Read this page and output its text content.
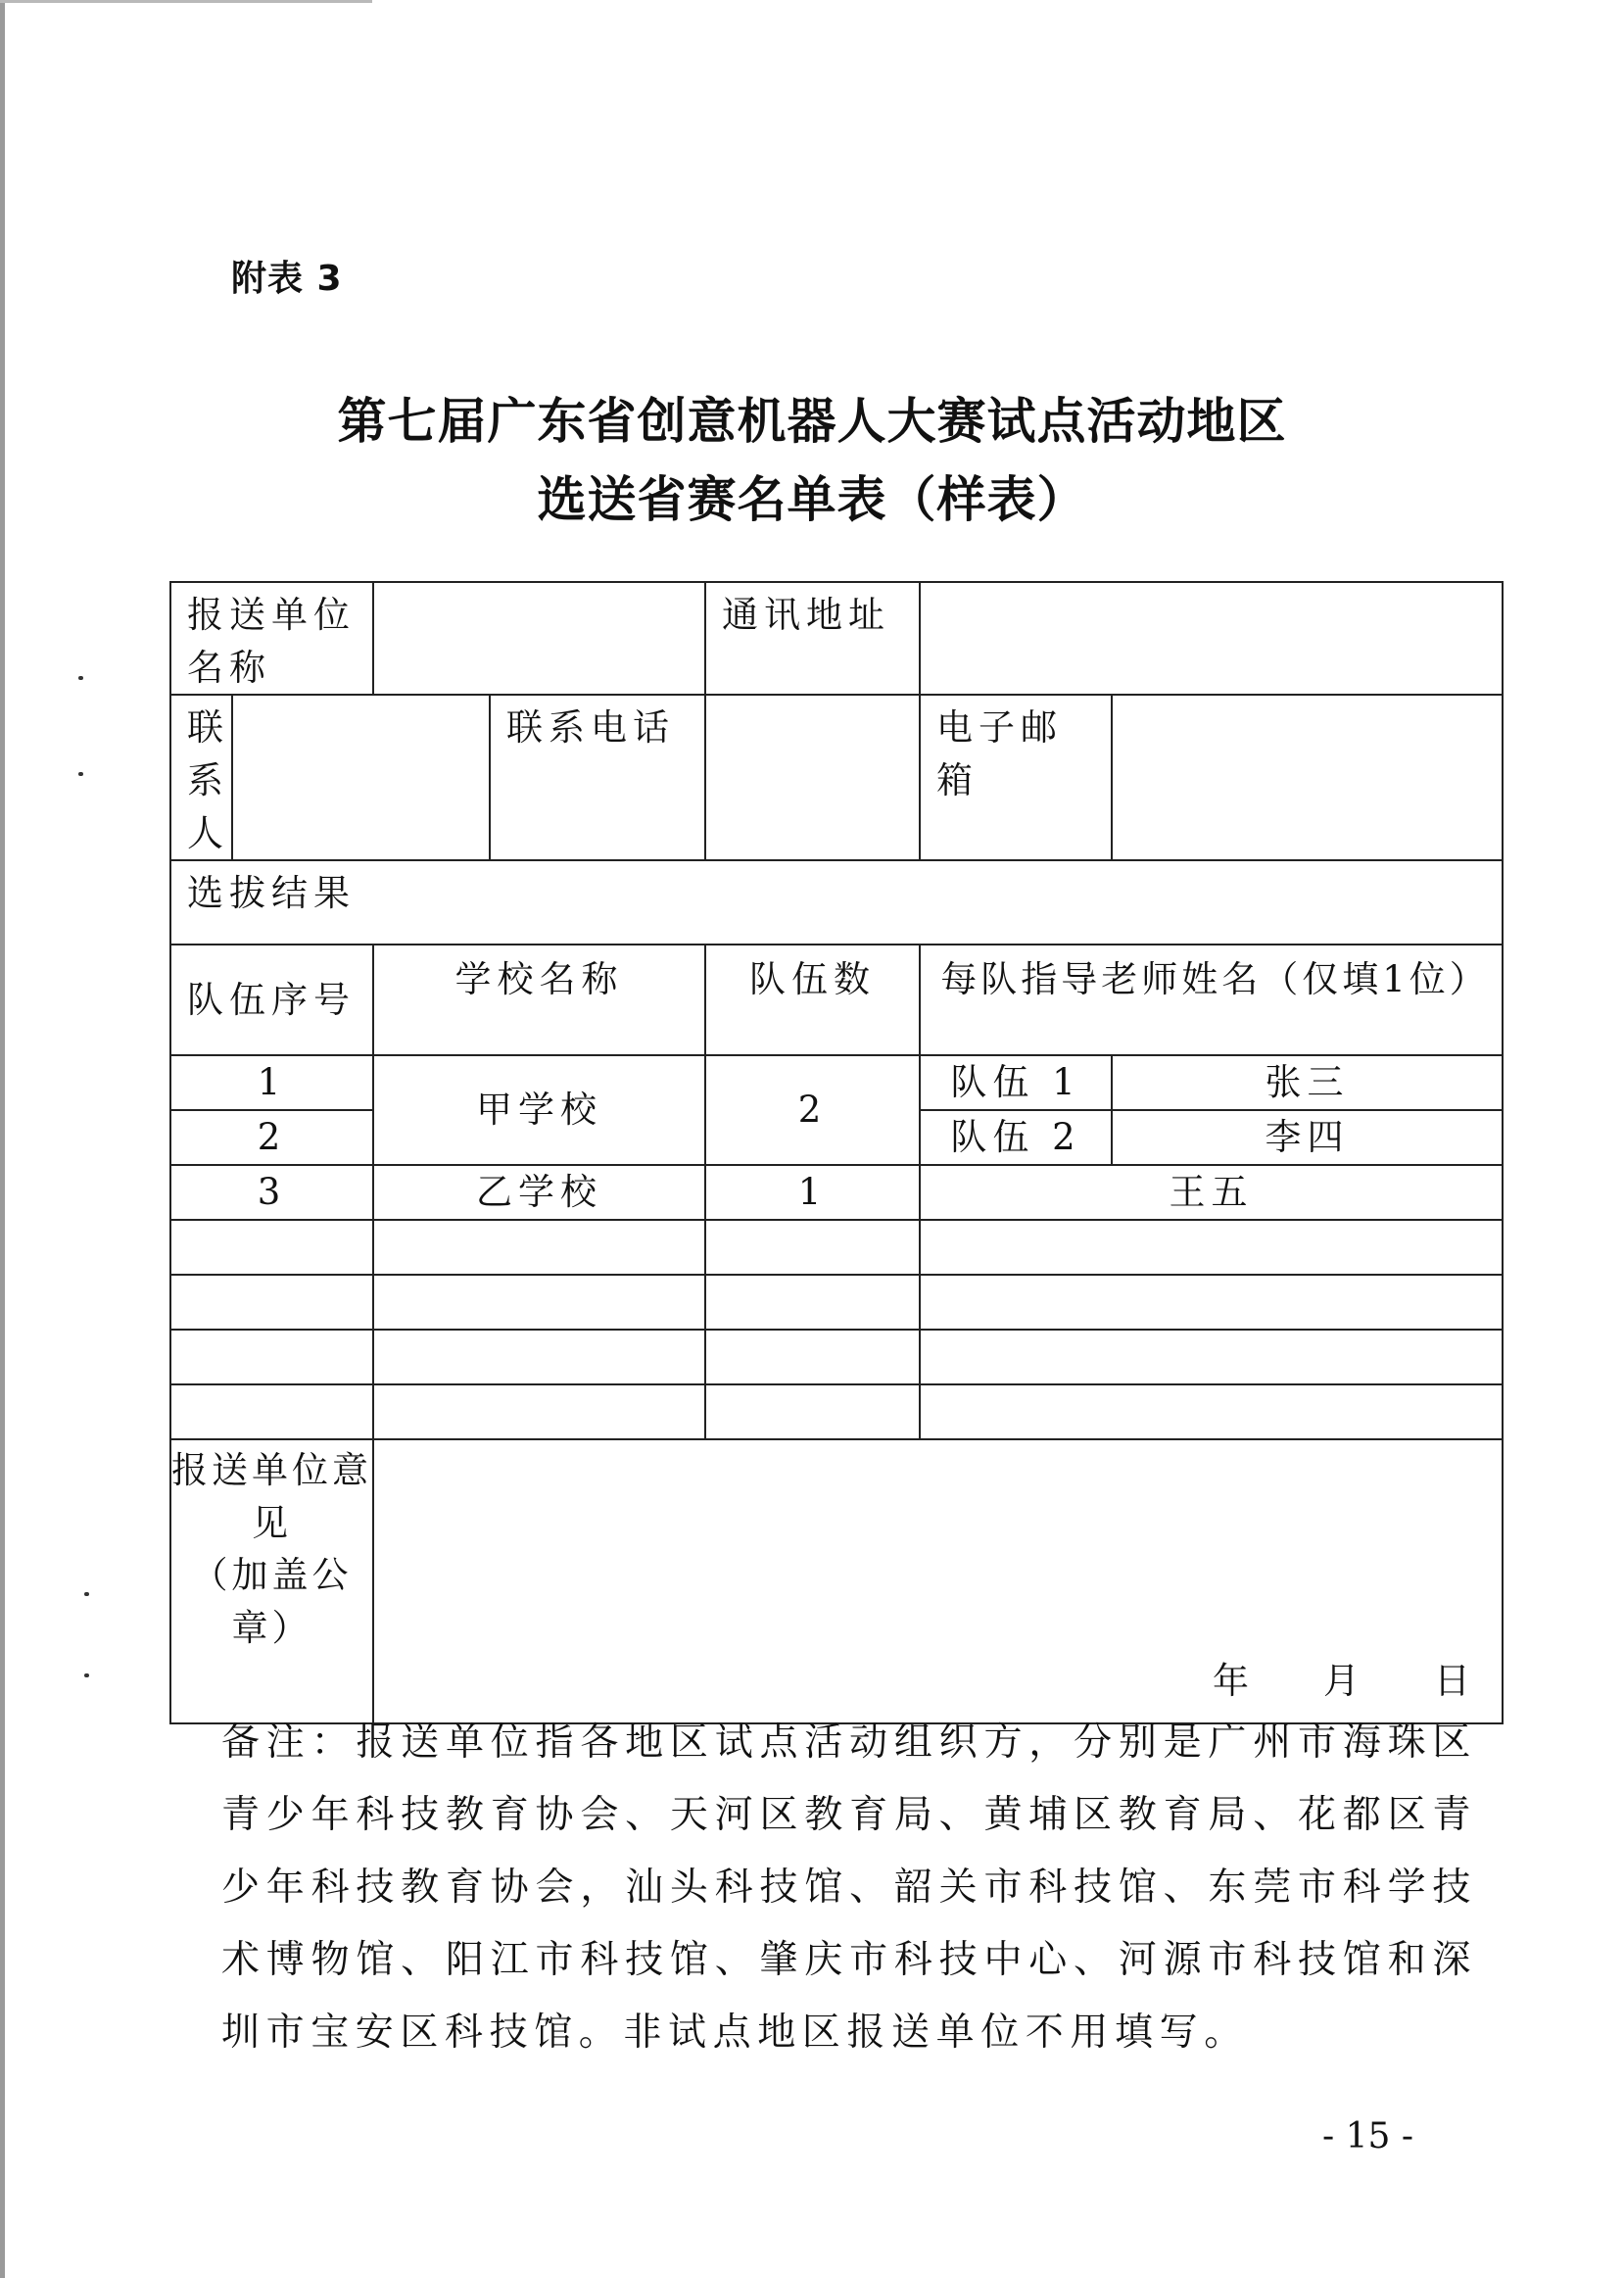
附表 3
第七届广东省创意机器人大赛试点活动地区
选送省赛名单表（样表）
报送单位名称				通讯地址		
联系人			联系电话		电子邮箱	
选拔结果						
队伍序号		学校名称		队伍数	每队指导老师姓名（仅填1位）	
1		甲学校		2	队伍 1	张三
2					队伍 2	李四
3		乙学校		1	王五	

报送单位意
见
（加盖公
章）		年 月 日				
备注：报送单位指各地区试点活动组织方，分别是广州市海珠区青少年科技教育协会、天河区教育局、黄埔区教育局、花都区青少年科技教育协会，汕头科技馆、韶关市科技馆、东莞市科学技术博物馆、阳江市科技馆、肇庆市科技中心、河源市科技馆和深圳市宝安区科技馆。非试点地区报送单位不用填写。
- 15 -
